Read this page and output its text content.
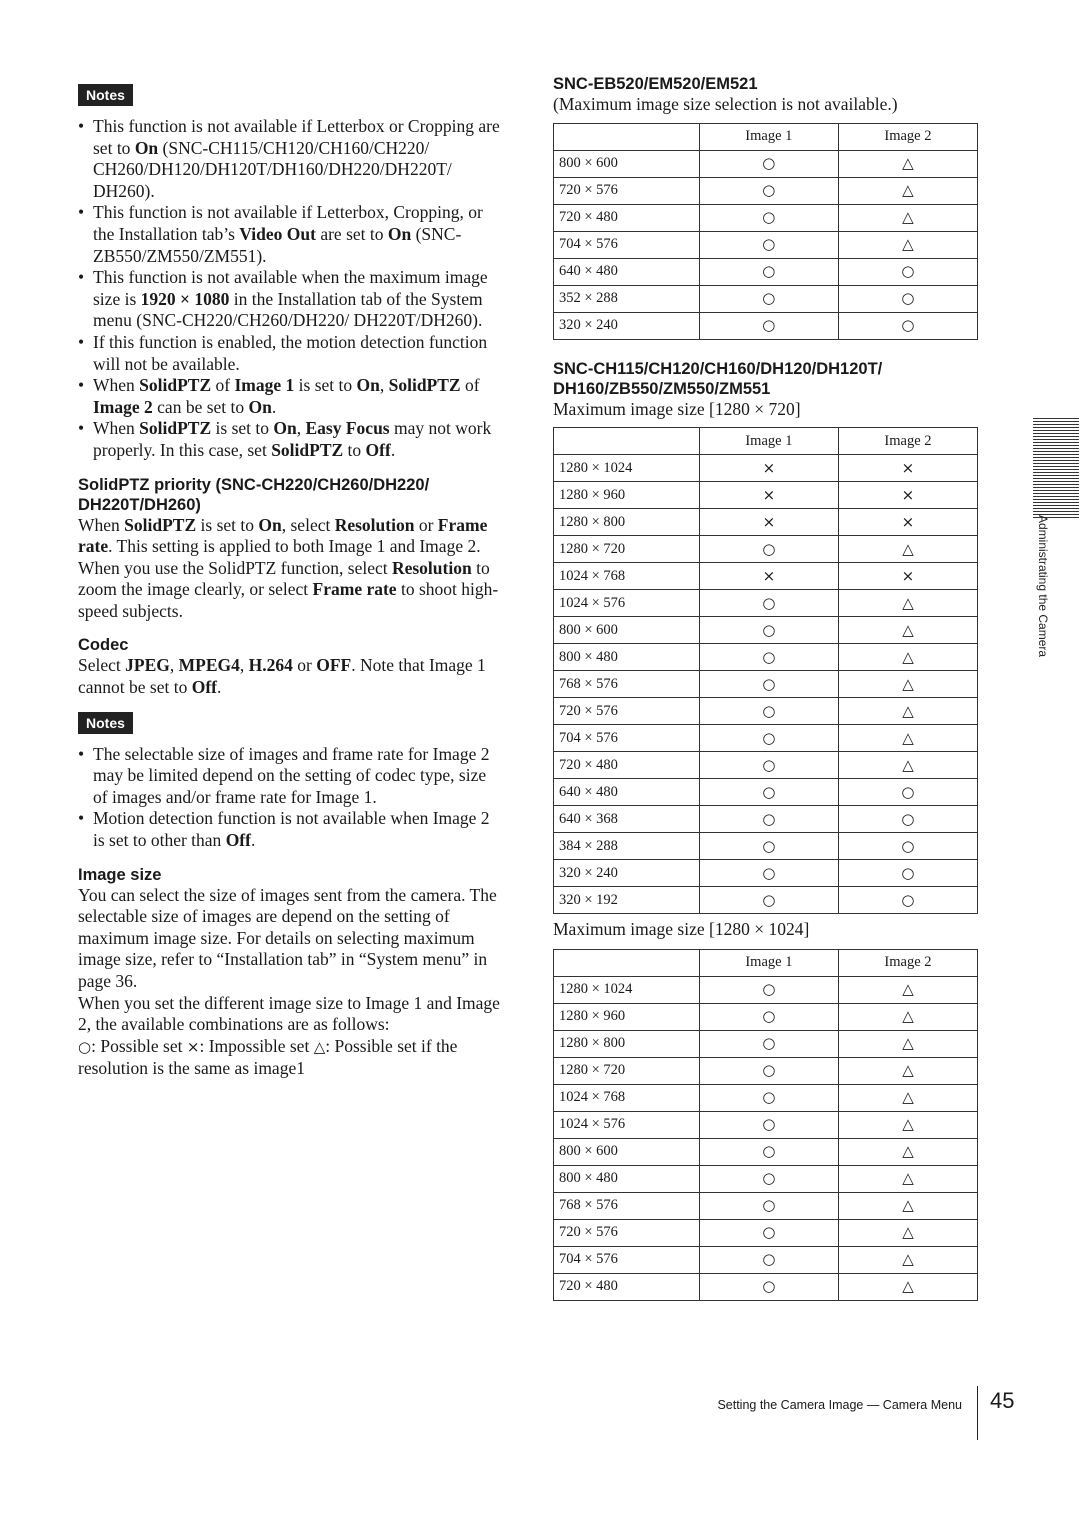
Notes
• This function is not available if Letterbox or Cropping are set to On (SNC-CH115/CH120/CH160/CH220/ CH260/DH120/DH120T/DH160/DH220/DH220T/ DH260).
• This function is not available if Letterbox, Cropping, or the Installation tab’s Video Out are set to On (SNC-ZB550/ZM550/ZM551).
• This function is not available when the maximum image size is 1920 × 1080 in the Installation tab of the System menu (SNC-CH220/CH260/DH220/ DH220T/DH260).
• If this function is enabled, the motion detection function will not be available.
• When SolidPTZ of Image 1 is set to On, SolidPTZ of Image 2 can be set to On.
• When SolidPTZ is set to On, Easy Focus may not work properly. In this case, set SolidPTZ to Off.
SolidPTZ priority (SNC-CH220/CH260/DH220/ DH220T/DH260)

When SolidPTZ is set to On, select Resolution or Frame rate. This setting is applied to both Image 1 and Image 2.

When you use the SolidPTZ function, select Resolution to zoom the image clearly, or select Frame rate to shoot high-speed subjects.

Codec

Select JPEG, MPEG4, H.264 or OFF. Note that Image 1 cannot be set to Off.

Notes
• The selectable size of images and frame rate for Image 2 may be limited depend on the setting of codec type, size of images and/or frame rate for Image 1.
• Motion detection function is not available when Image 2 is set to other than Off.
Image size

You can select the size of images sent from the camera. The selectable size of images are depend on the setting of maximum image size. For details on selecting maximum image size, refer to “Installation tab” in “System menu” in page 36.

When you set the different image size to Image 1 and Image 2, the available combinations are as follows:

○: Possible set ×: Impossible set △: Possible set if the resolution is the same as image1

SNC-EB520/EM520/EM521

(Maximum image size selection is not available.)

	Image 1	Image 2
800 × 600	○	△
720 × 576	○	△
720 × 480	○	△
704 × 576	○	△
640 × 480	○	○
352 × 288	○	○
320 × 240	○	○
SNC-CH115/CH120/CH160/DH120/DH120T/ DH160/ZB550/ZM550/ZM551

Maximum image size [1280 × 720]

	Image 1	Image 2
1280 × 1024	×	×
1280 × 960	×	×
1280 × 800	×	×
1280 × 720	○	△
1024 × 768	×	×
1024 × 576	○	△
800 × 600	○	△
800 × 480	○	△
768 × 576	○	△
720 × 576	○	△
704 × 576	○	△
720 × 480	○	△
640 × 480	○	○
640 × 368	○	○
384 × 288	○	○
320 × 240	○	○
320 × 192	○	○

Maximum image size [1280 × 1024]

	Image 1	Image 2
1280 × 1024	○	△
1280 × 960	○	△
1280 × 800	○	△
1280 × 720	○	△
1024 × 768	○	△
1024 × 576	○	△
800 × 600	○	△
800 × 480	○	△
768 × 576	○	△
720 × 576	○	△
704 × 576	○	△
720 × 480	○	△
Administrating the Camera
Setting the Camera Image — Camera Menu 45
